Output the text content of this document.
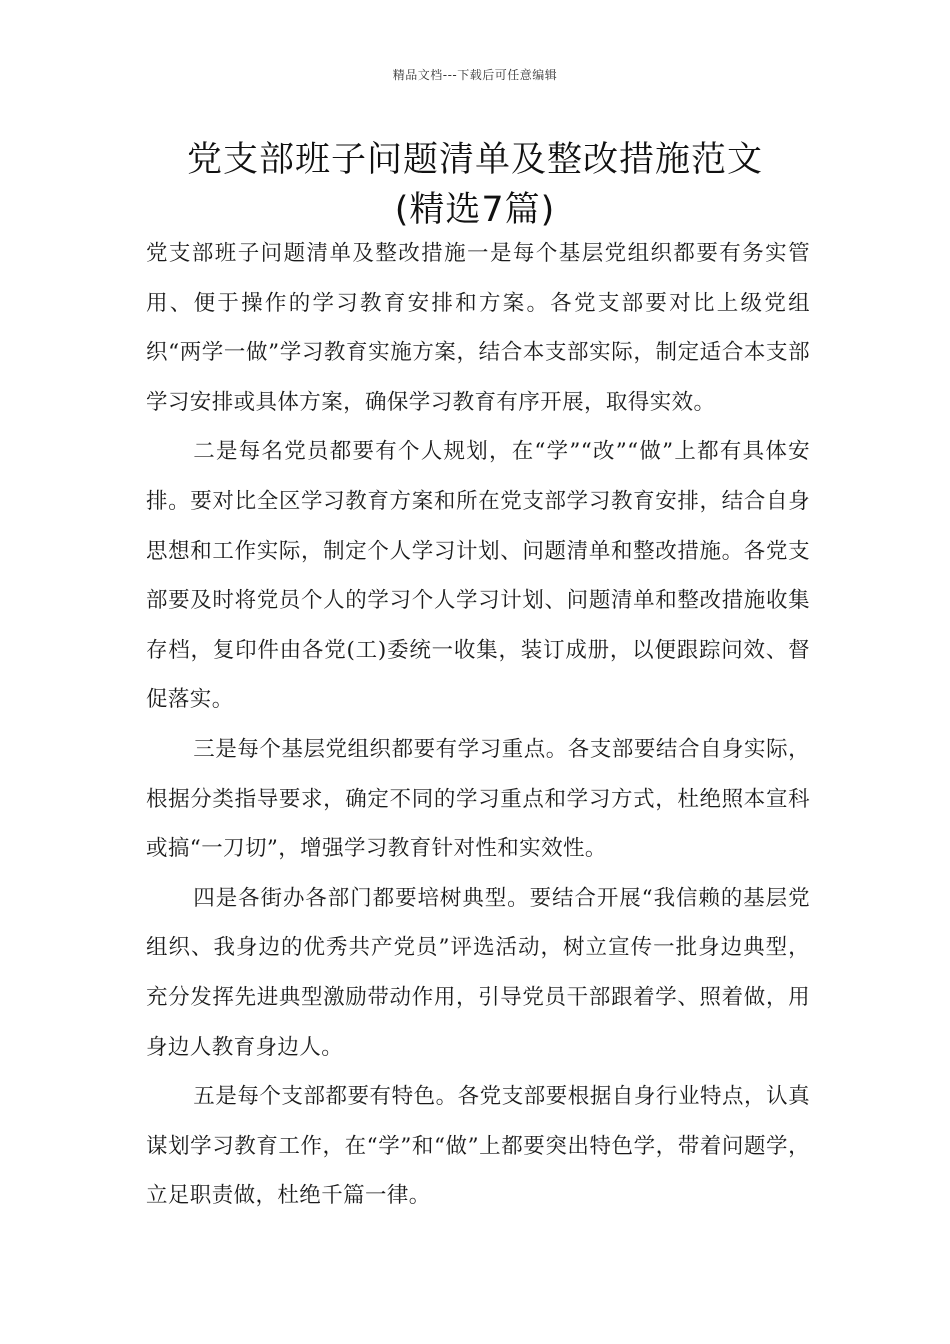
精品文档---下载后可任意编辑
党支部班子问题清单及整改措施范文
(精选7篇)

党支部班子问题清单及整改措施一是每个基层党组织都要有务实管用、便于操作的学习教育安排和方案。各党支部要对比上级党组织“两学一做”学习教育实施方案，结合本支部实际，制定适合本支部学习安排或具体方案，确保学习教育有序开展，取得实效。

二是每名党员都要有个人规划，在“学”“改”“做”上都有具体安排。要对比全区学习教育方案和所在党支部学习教育安排，结合自身思想和工作实际，制定个人学习计划、问题清单和整改措施。各党支部要及时将党员个人的学习个人学习计划、问题清单和整改措施收集存档，复印件由各党(工)委统一收集，装订成册，以便跟踪问效、督促落实。

三是每个基层党组织都要有学习重点。各支部要结合自身实际，根据分类指导要求，确定不同的学习重点和学习方式，杜绝照本宣科或搞“一刀切”，增强学习教育针对性和实效性。

四是各街办各部门都要培树典型。要结合开展“我信赖的基层党组织、我身边的优秀共产党员”评选活动，树立宣传一批身边典型，充分发挥先进典型激励带动作用，引导党员干部跟着学、照着做，用身边人教育身边人。

五是每个支部都要有特色。各党支部要根据自身行业特点，认真谋划学习教育工作，在“学”和“做”上都要突出特色学，带着问题学，立足职责做，杜绝千篇一律。
